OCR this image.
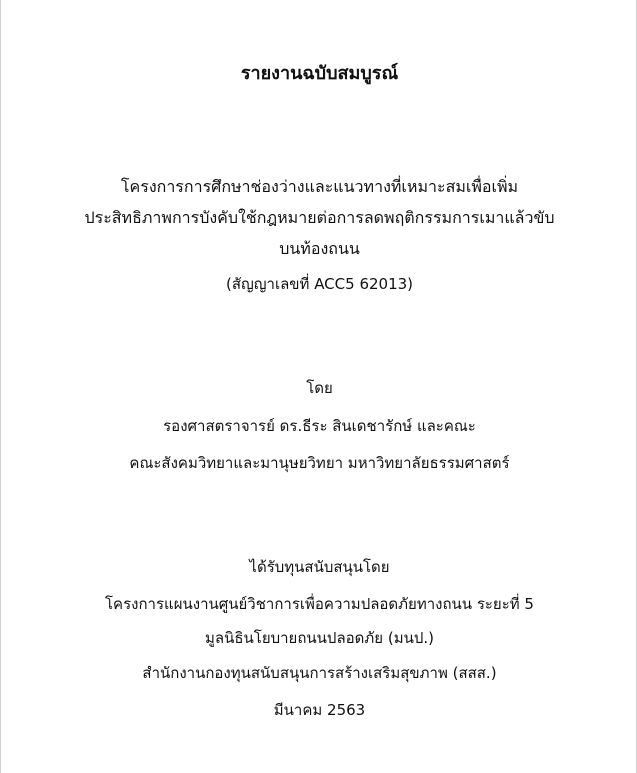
รายงานฉบับสมบูรณ์
โครงการการศึกษาช่องว่างและแนวทางที่เหมาะสมเพื่อเพิ่ม
ประสิทธิภาพการบังคับใช้กฎหมายต่อการลดพฤติกรรมการเมาแล้วขับ
บนท้องถนน
(สัญญาเลขที่ ACC5 62013)
โดย
รองศาสตราจารย์ ดร.ธีระ สินเดชารักษ์ และคณะ
คณะสังคมวิทยาและมานุษยวิทยา มหาวิทยาลัยธรรมศาสตร์
ได้รับทุนสนับสนุนโดย
โครงการแผนงานศูนย์วิชาการเพื่อความปลอดภัยทางถนน ระยะที่ 5
มูลนิธินโยบายถนนปลอดภัย (มนป.)
สำนักงานกองทุนสนับสนุนการสร้างเสริมสุขภาพ (สสส.)
มีนาคม 2563
